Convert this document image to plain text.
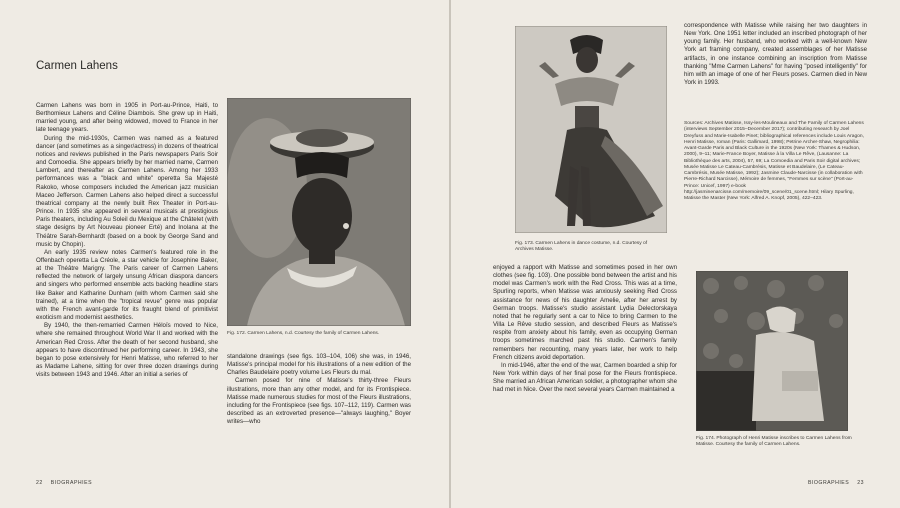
Carmen Lahens

Carmen Lahens was born in 1905 in Port-au-Prince, Haiti, to Berthomieux Lahens and Céline Diambois. She grew up in Haiti, married young, and after being widowed, moved to France in her late teenage years.

During the mid-1930s, Carmen was named as a featured dancer (and sometimes as a singer/actress) in dozens of theatrical notices and reviews published in the Paris newspapers Paris Soir and Comoedia. She appears briefly by her married name, Carmen Lambert, and thereafter as Carmen Lahens. Among her 1933 performances was a "black and white" operetta Sa Majesté Rakoko, whose composers included the American jazz musician Maceo Jefferson. Carmen Lahens also helped direct a successful theatrical company at the newly built Rex Theater in Port-au-Prince. In 1935 she appeared in several musicals at prestigious Paris theaters, including Au Soleil du Mexique at the Châtelet (with stage designs by Art Nouveau pioneer Erté) and Inolana at the Théâtre Sarah-Bernhardt (based on a book by George Sand and music by Chopin).

An early 1935 review notes Carmen's featured role in the Offenbach operetta La Créole, a star vehicle for Josephine Baker, at the Théâtre Marigny. The Paris career of Carmen Lahens reflected the network of largely unsung African diaspora dancers and singers who performed ensemble acts backing headline stars like Baker and Katharine Dunham (with whom Carmen said she trained), at a time when the "tropical revue" genre was popular with the French avant-garde for its fraught blend of primitivist exoticism and modernist aesthetics.

By 1940, the then-remarried Carmen Héloïs moved to Nice, where she remained throughout World War II and worked with the American Red Cross. After the death of her second husband, she appears to have discontinued her performing career. In 1943, she began to pose extensively for Henri Matisse, who referred to her as Madame Lahene, sitting for over three dozen drawings during visits between 1943 and 1946. After an initial a series of

Fig. 172. Carmen Lahens, n.d. Courtesy the family of Carmen Lahens.

standalone drawings (see figs. 103–104, 106) she was, in 1946, Matisse's principal model for his illustrations of a new edition of the Charles Baudelaire poetry volume Les Fleurs du mal.

Carmen posed for nine of Matisse's thirty-three Fleurs illustrations, more than any other model, and for its Frontispiece. Matisse made numerous studies for most of the Fleurs illustrations, including for the Frontispiece (see figs. 107–112, 119). Carmen was described as an extroverted presence—"always laughing," Boyer writes—who

22 BIOGRAPHIES
Fig. 173. Carmen Lahens in dance costume, n.d. Courtesy of Archives Matisse.

correspondence with Matisse while raising her two daughters in New York. One 1951 letter included an inscribed photograph of her young family. Her husband, who worked with a well-known New York art framing company, created assemblages of her Matisse artifacts, in one instance combining an inscription from Matisse thanking "Mme Carmen Lahens" for having "posed intelligently" for him with an image of one of her Fleurs poses. Carmen died in New York in 1993.

Sources: Archives Matisse, Issy-les-Moulineaux and The Family of Carmen Lahens (interviews September 2015–December 2017); contributing research by Joel Dreyfuss and Marie-Isabelle Pinet; bibliographical references include Louis Aragon, Henri Matisse, roman (Paris: Gallimard, 1998); Petrine Archer-Shaw, Negrophilia: Avant-Garde Paris and Black Culture in the 1920s (New York: Thames & Hudson, 2000), 9–11; Marie-France Boyer, Matisse à la Villa Le Rêve, (Lausanne: La Bibliothèque des arts, 2004), 57, 69; La Comoedia and Paris Soir digital archives; Musée Matisse Le Cateau-Cambrésis, Matisse et Baudelaire, (Le Cateau-Cambrésis, Musée Matisse, 1992); Jasmine Claude-Narcisse (in collaboration with Pierre-Richard Narcisse), Mémoire de femmes, "Femmes sur scène" (Port-au-Prince: Unicef, 1997) e-book http://jasminenarcisse.com/memoire/09_scene/01_scene.html; Hilary Spurling, Matisse the Master (New York: Alfred A. Knopf, 2005), 422–423.

enjoyed a rapport with Matisse and sometimes posed in her own clothes (see fig. 103). One possible bond between the artist and his model was Carmen's work with the Red Cross. This was at a time, Spurling reports, when Matisse was anxiously seeking Red Cross assistance for news of his daughter Amelie, after her arrest by German troops. Matisse's studio assistant Lydia Delectorskaya noted that he regularly sent a car to Nice to bring Carmen to the Villa Le Rêve studio session, and described Fleurs as Matisse's respite from anxiety about his family, even as occupying German troops sometimes marched past his studio. Carmen's family remembers her recounting, many years later, her work to help French citizens avoid deportation.

In mid-1946, after the end of the war, Carmen boarded a ship for New York within days of her final pose for the Fleurs frontispiece. She married an African American soldier, a photographer whom she had met in Nice. Over the next several years Carmen maintained a

Fig. 174. Photograph of Henri Matisse inscribes to Carmen Lahens from Matisse. Courtesy the family of Carmen Lahens.
BIOGRAPHIES 23
